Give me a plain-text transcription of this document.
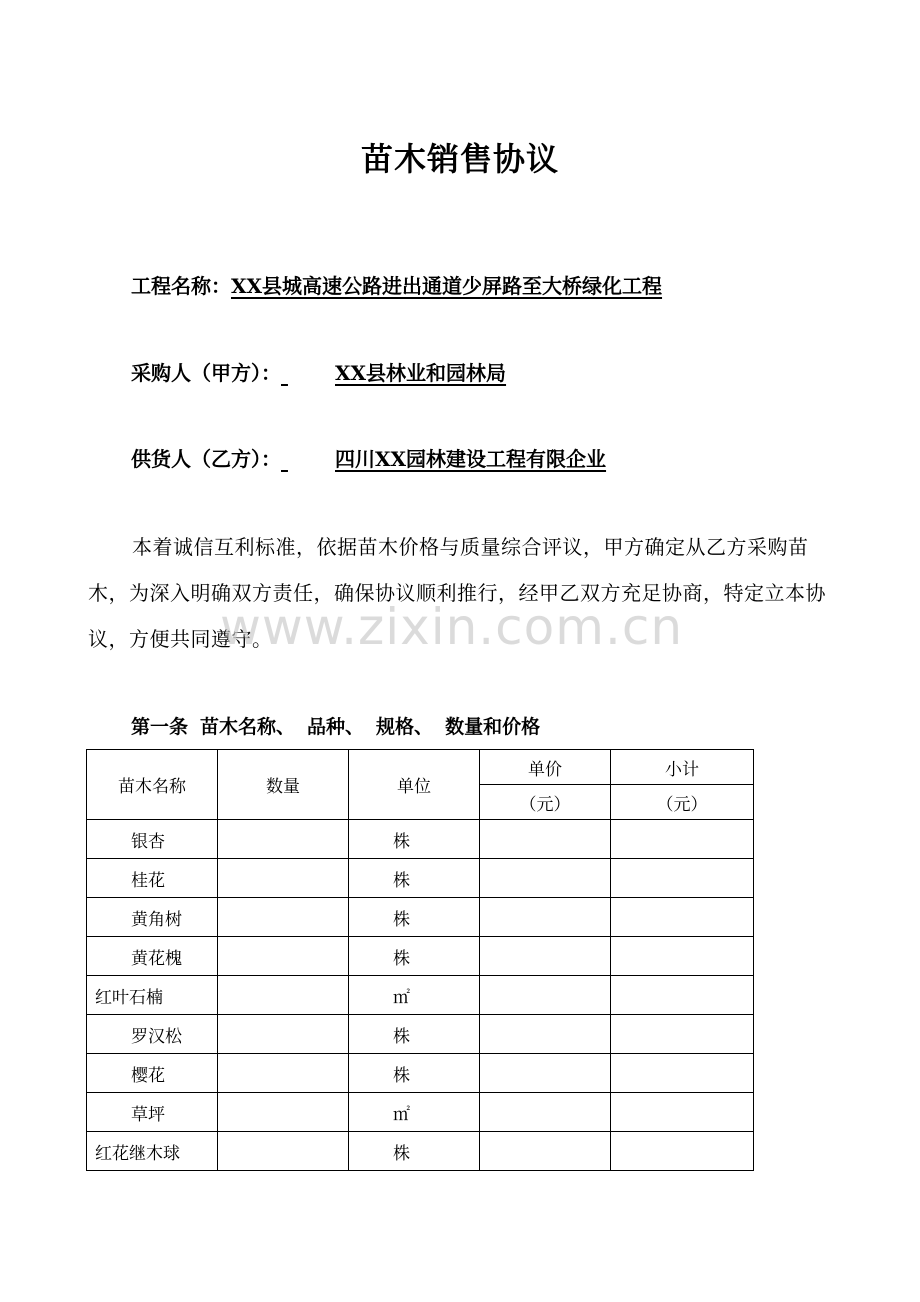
苗木销售协议
工程名称：XX县城高速公路进出通道少屏路至大桥绿化工程
采购人（甲方）：	XX县林业和园林局
供货人（乙方）：	四川XX园林建设工程有限企业
本着诚信互利标准，依据苗木价格与质量综合评议，甲方确定从乙方采购苗木，为深入明确双方责任，确保协议顺利推行，经甲乙双方充足协商，特定立本协议，方便共同遵守。
www.zixin.com.cn
第一条 苗木名称、 品种、 规格、 数量和价格
苗木名称	数量	单位	单价	小计
			（元）	（元）
银杏		株		
桂花		株		
黄角树		株		
黄花槐		株		
红叶石楠		㎡		
罗汉松		株		
樱花		株		
草坪		㎡		
红花继木球		株		
